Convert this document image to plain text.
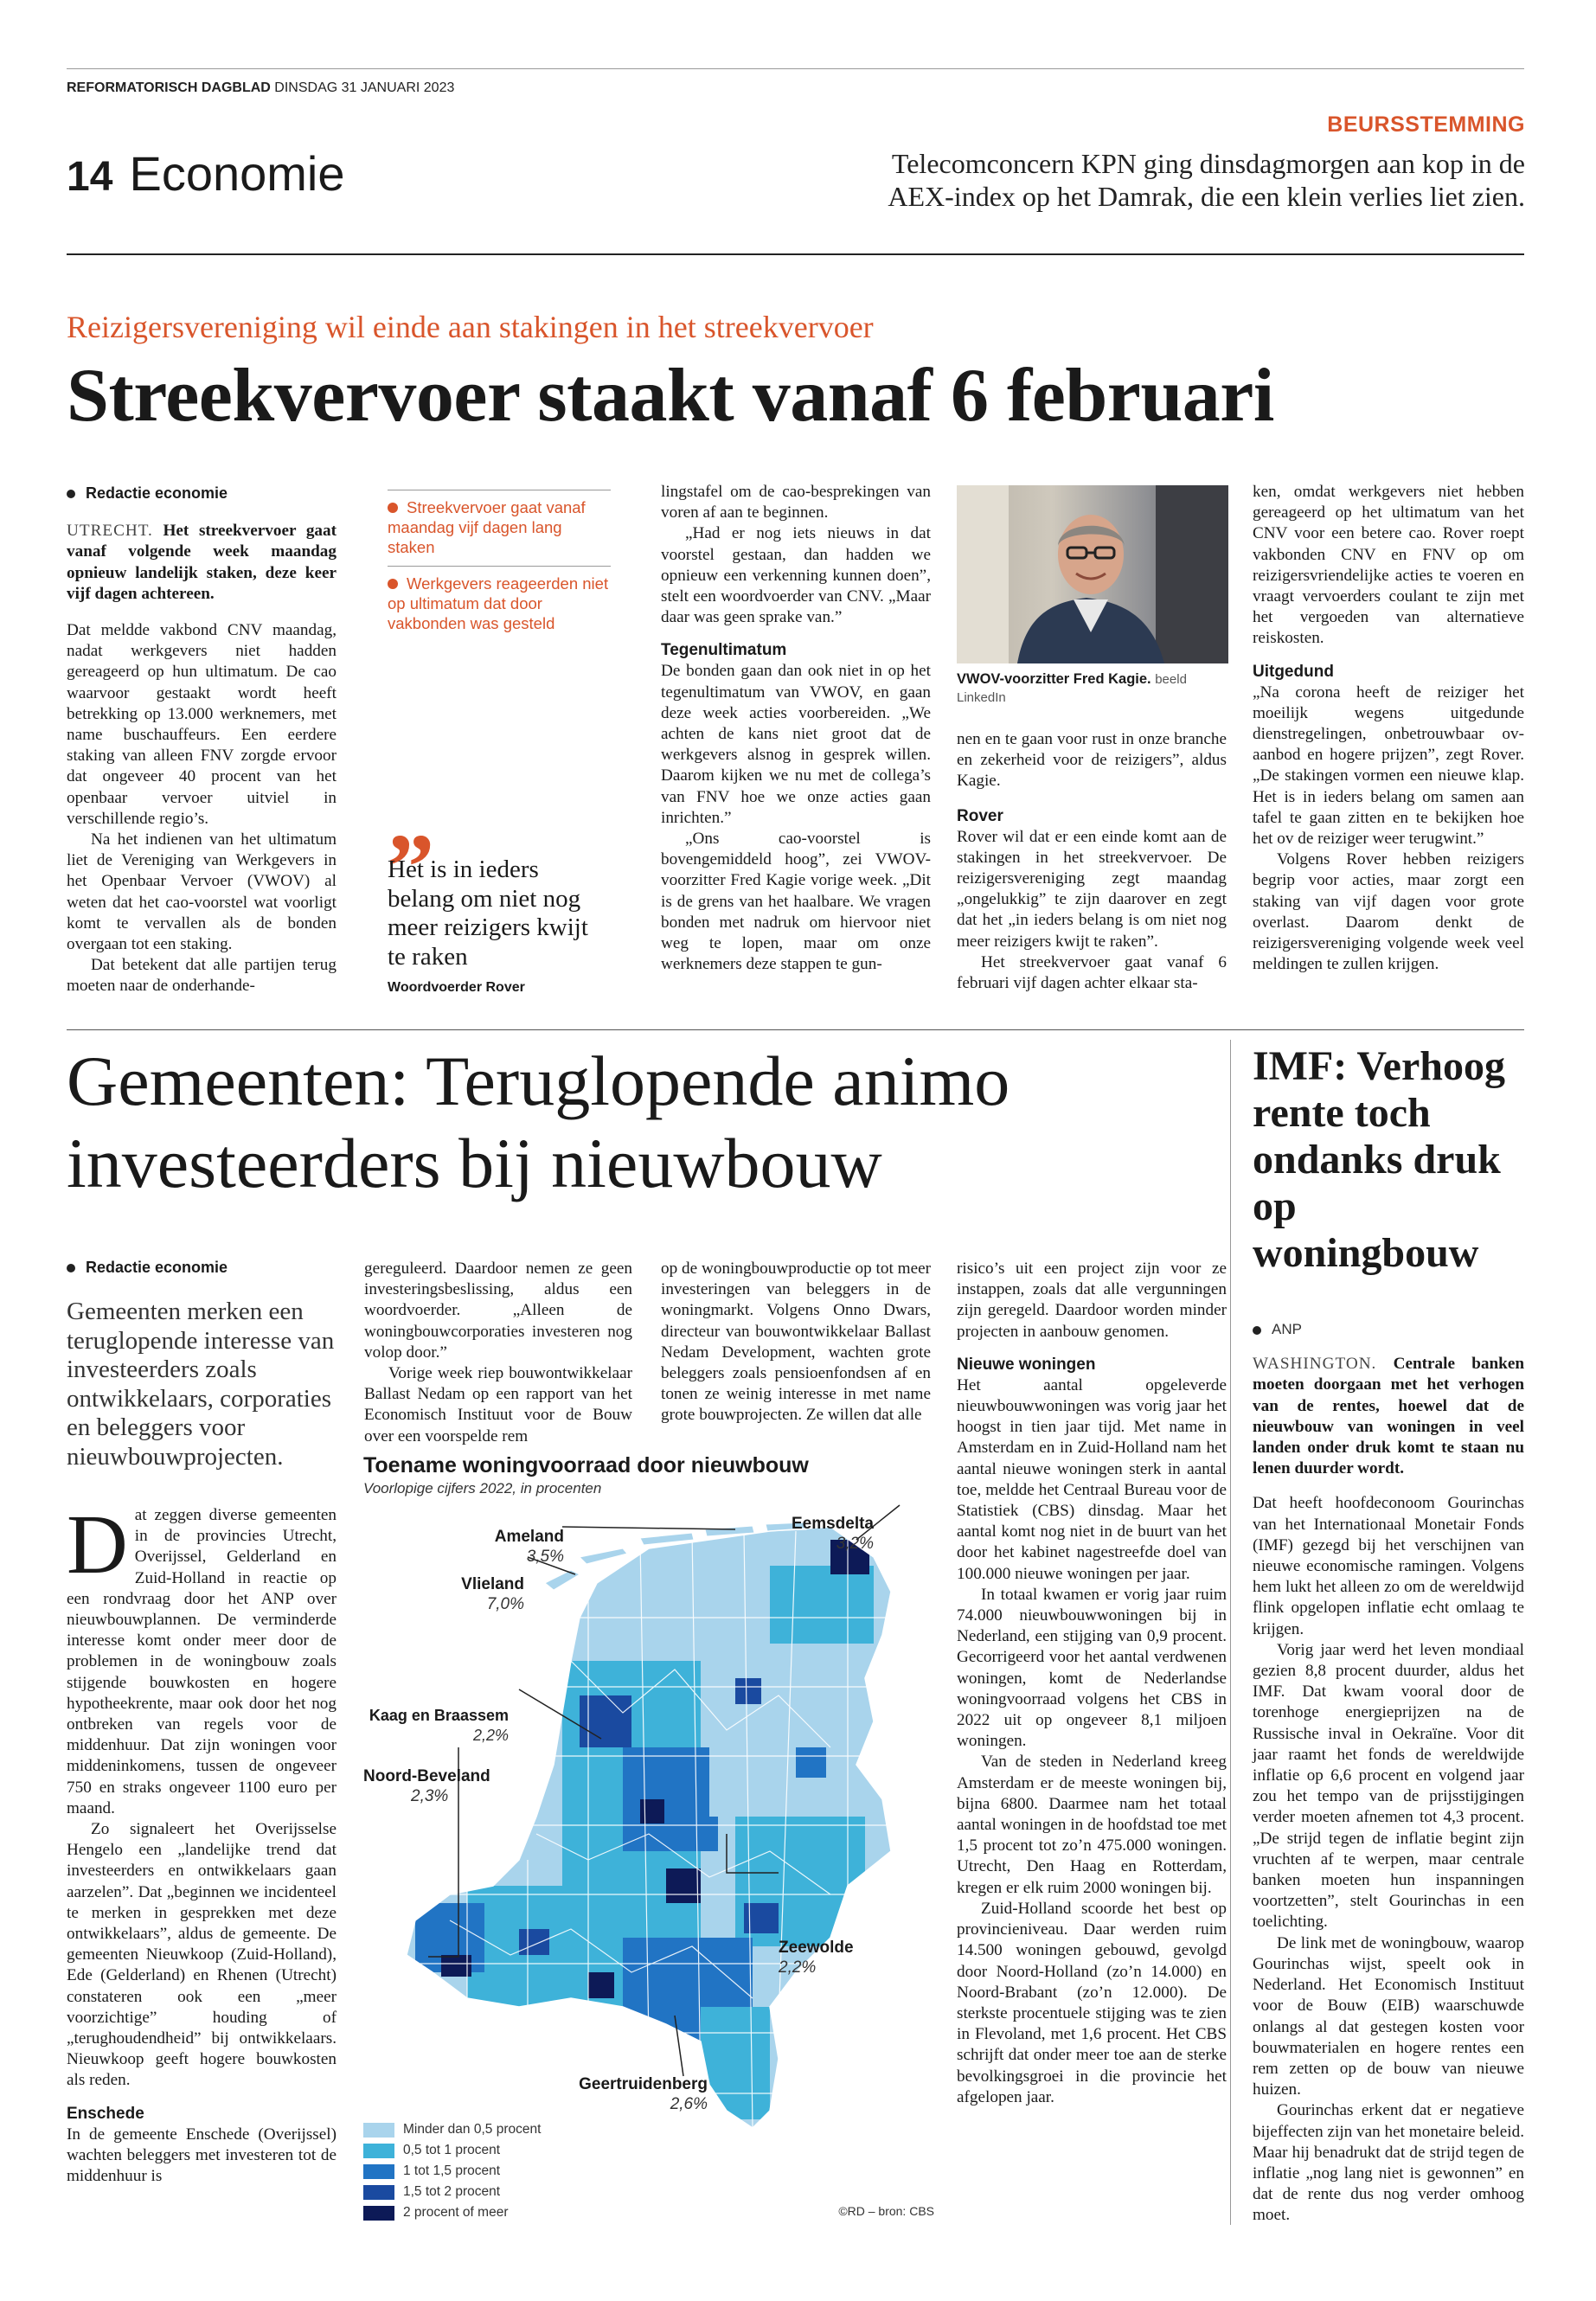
REFORMATORISCH DAGBLAD DINSDAG 31 JANUARI 2023
14 Economie
BEURSSTEMMING
Telecomconcern KPN ging dinsdagmorgen aan kop in de
AEX-index op het Damrak, die een klein verlies liet zien.
Reizigersvereniging wil einde aan stakingen in het streekvervoer
Streekvervoer staakt vanaf 6 februari
Redactie economie

UTRECHT. Het streekvervoer gaat vanaf volgende week maandag opnieuw landelijk staken, deze keer vijf dagen achtereen.

Dat meldde vakbond CNV maandag, nadat werkgevers niet hadden gereageerd op hun ultimatum. De cao waarvoor gestaakt wordt heeft betrekking op 13.000 werknemers, met name buschauffeurs. Een eerdere staking van alleen FNV zorgde ervoor dat ongeveer 40 procent van het openbaar vervoer uitviel in verschillende regio’s.

Na het indienen van het ultimatum liet de Vereniging van Werkgevers in het Openbaar Vervoer (VWOV) al weten dat het cao-voorstel wat voorligt komt te vervallen als de bonden overgaan tot een staking.

Dat betekent dat alle partijen terug moeten naar de onderhande-

Streekvervoer gaat vanaf maandag vijf dagen lang staken
Werkgevers reageerden niet op ultimatum dat door vakbonden was gesteld
„
Het is in ieders belang om niet nog meer reizigers kwijt te raken
Woordvoerder Rover

lingstafel om de cao-besprekingen van voren af aan te beginnen.

„Had er nog iets nieuws in dat voorstel gestaan, dan hadden we opnieuw een verkenning kunnen doen”, stelt een woordvoerder van CNV. „Maar daar was geen sprake van.”

Tegenultimatum

De bonden gaan dan ook niet in op het tegenultimatum van VWOV, en gaan deze week acties voorbereiden. „We achten de kans niet groot dat de werkgevers alsnog in gesprek willen. Daarom kijken we nu met de collega’s van FNV hoe we onze acties gaan inrichten.”

„Ons cao-voorstel is bovengemiddeld hoog”, zei VWOV-voorzitter Fred Kagie vorige week. „Dit is de grens van het haalbare. We vragen bonden met nadruk om hiervoor niet weg te lopen, maar om onze werknemers deze stappen te gun-

VWOV-voorzitter Fred Kagie. beeld LinkedIn

nen en te gaan voor rust in onze branche en zekerheid voor de reizigers”, aldus Kagie.

Rover

Rover wil dat er een einde komt aan de stakingen in het streekvervoer. De reizigersvereniging zegt maandag „ongelukkig” te zijn daarover en zegt dat het „in ieders belang is om niet nog meer reizigers kwijt te raken”.

Het streekvervoer gaat vanaf 6 februari vijf dagen achter elkaar sta-

ken, omdat werkgevers niet hebben gereageerd op het ultimatum van het CNV voor een betere cao. Rover roept vakbonden CNV en FNV op om reizigersvriendelijke acties te voeren en vraagt vervoerders coulant te zijn met het vergoeden van alternatieve reiskosten.

Uitgedund

„Na corona heeft de reiziger het moeilijk wegens uitgedunde dienstregelingen, onbetrouwbaar ov-aanbod en hogere prijzen”, zegt Rover. „De stakingen vormen een nieuwe klap. Het is in ieders belang om samen aan tafel te gaan zitten en te bekijken hoe het ov de reiziger weer terugwint.”

Volgens Rover hebben reizigers begrip voor acties, maar zorgt een staking van vijf dagen voor grote overlast. Daarom denkt de reizigersvereniging volgende week veel meldingen te zullen krijgen.

Gemeenten: Teruglopende animo
investeerders bij nieuwbouw
Redactie economie
Gemeenten merken een teruglopende interesse van investeerders zoals ontwikkelaars, corporaties en beleggers voor nieuwbouwprojecten.

Dat zeggen diverse gemeenten in de provincies Utrecht, Overijssel, Gelderland en Zuid-Holland in reactie op een rondvraag door het ANP over nieuwbouwplannen. De verminderde interesse komt onder meer door de problemen in de woningbouw zoals stijgende bouwkosten en hogere hypotheekrente, maar ook door het nog ontbreken van regels voor de middenhuur. Dat zijn woningen voor middeninkomens, tussen de ongeveer 750 en straks ongeveer 1100 euro per maand.

Zo signaleert het Overijsselse Hengelo een „landelijke trend dat investeerders en ontwikkelaars gaan aarzelen”. Dat „beginnen we incidenteel te merken in gesprekken met deze ontwikkelaars”, aldus de gemeente. De gemeenten Nieuwkoop (Zuid-Holland), Ede (Gelderland) en Rhenen (Utrecht) constateren ook een „meer voorzichtige” houding of „terughoudendheid” bij ontwikkelaars. Nieuwkoop geeft hogere bouwkosten als reden.

Enschede

In de gemeente Enschede (Overijssel) wachten beleggers met investeren tot de middenhuur is

gereguleerd. Daardoor nemen ze geen investeringsbeslissing, aldus een woordvoerder. „Alleen de woningbouwcorporaties investeren nog volop door.”

Vorige week riep bouwontwikkelaar Ballast Nedam op een rapport van het Economisch Instituut voor de Bouw over een voorspelde rem

op de woningbouwproductie op tot meer investeringen van beleggers in de woningmarkt. Volgens Onno Dwars, directeur van bouwontwikkelaar Ballast Nedam Development, wachten grote beleggers zoals pensioenfondsen af en tonen ze weinig interesse in met name grote bouwprojecten. Ze willen dat alle

Toename woningvoorraad door nieuwbouw
Voorlopige cijfers 2022, in procenten
Eemsdelta
3,2%
Ameland
3,5%
Vlieland
7,0%
Kaag en Braassem
2,2%
Noord-Beveland
2,3%
Zeewolde
2,2%
Geertruidenberg
2,6%
Minder dan 0,5 procent
0,5 tot 1 procent
1 tot 1,5 procent
1,5 tot 2 procent
2 procent of meer	©RD – bron: CBS

risico’s uit een project zijn voor ze instappen, zoals dat alle vergunningen zijn geregeld. Daardoor worden minder projecten in aanbouw genomen.

Nieuwe woningen

Het aantal opgeleverde nieuwbouwwoningen was vorig jaar het hoogst in tien jaar tijd. Met name in Amsterdam en in Zuid-Holland nam het aantal nieuwe woningen sterk in aantal toe, meldde het Centraal Bureau voor de Statistiek (CBS) dinsdag. Maar het aantal komt nog niet in de buurt van het door het kabinet nagestreefde doel van 100.000 nieuwe woningen per jaar.

In totaal kwamen er vorig jaar ruim 74.000 nieuwbouwwoningen bij in Nederland, een stijging van 0,9 procent. Gecorrigeerd voor het aantal verdwenen woningen, komt de Nederlandse woningvoorraad volgens het CBS in 2022 uit op ongeveer 8,1 miljoen woningen.

Van de steden in Nederland kreeg Amsterdam er de meeste woningen bij, bijna 6800. Daarmee nam het totaal aantal woningen in de hoofdstad toe met 1,5 procent tot zo’n 475.000 woningen. Utrecht, Den Haag en Rotterdam, kregen er elk ruim 2000 woningen bij.

Zuid-Holland scoorde het best op provincieniveau. Daar werden ruim 14.500 woningen gebouwd, gevolgd door Noord-Holland (zo’n 14.000) en Noord-Brabant (zo’n 12.000). De sterkste procentuele stijging was te zien in Flevoland, met 1,6 procent. Het CBS schrijft dat onder meer toe aan de sterke bevolkingsgroei in die provincie het afgelopen jaar.

IMF: Verhoog rente toch ondanks druk op woningbouw
ANP

WASHINGTON. Centrale banken moeten doorgaan met het verhogen van de rentes, hoewel dat de nieuwbouw van woningen in veel landen onder druk komt te staan nu lenen duurder wordt.

Dat heeft hoofdeconoom Gourinchas van het Internationaal Monetair Fonds (IMF) gezegd bij het verschijnen van nieuwe economische ramingen. Volgens hem lukt het alleen zo om de wereldwijd flink opgelopen inflatie echt omlaag te krijgen.

Vorig jaar werd het leven mondiaal gezien 8,8 procent duurder, aldus het IMF. Dat kwam vooral door de torenhoge energieprijzen na de Russische inval in Oekraïne. Voor dit jaar raamt het fonds de wereldwijde inflatie op 6,6 procent en volgend jaar zou het tempo van de prijsstijgingen verder moeten afnemen tot 4,3 procent. „De strijd tegen de inflatie begint zijn vruchten af te werpen, maar centrale banken moeten hun inspanningen voortzetten”, stelt Gourinchas in een toelichting.

De link met de woningbouw, waarop Gourinchas wijst, speelt ook in Nederland. Het Economisch Instituut voor de Bouw (EIB) waarschuwde onlangs al dat gestegen kosten voor bouwmaterialen en hogere rentes een rem zetten op de bouw van nieuwe huizen.

Gourinchas erkent dat er negatieve bijeffecten zijn van het monetaire beleid. Maar hij benadrukt dat de strijd tegen de inflatie „nog lang niet is gewonnen” en dat de rente dus nog verder omhoog moet.
